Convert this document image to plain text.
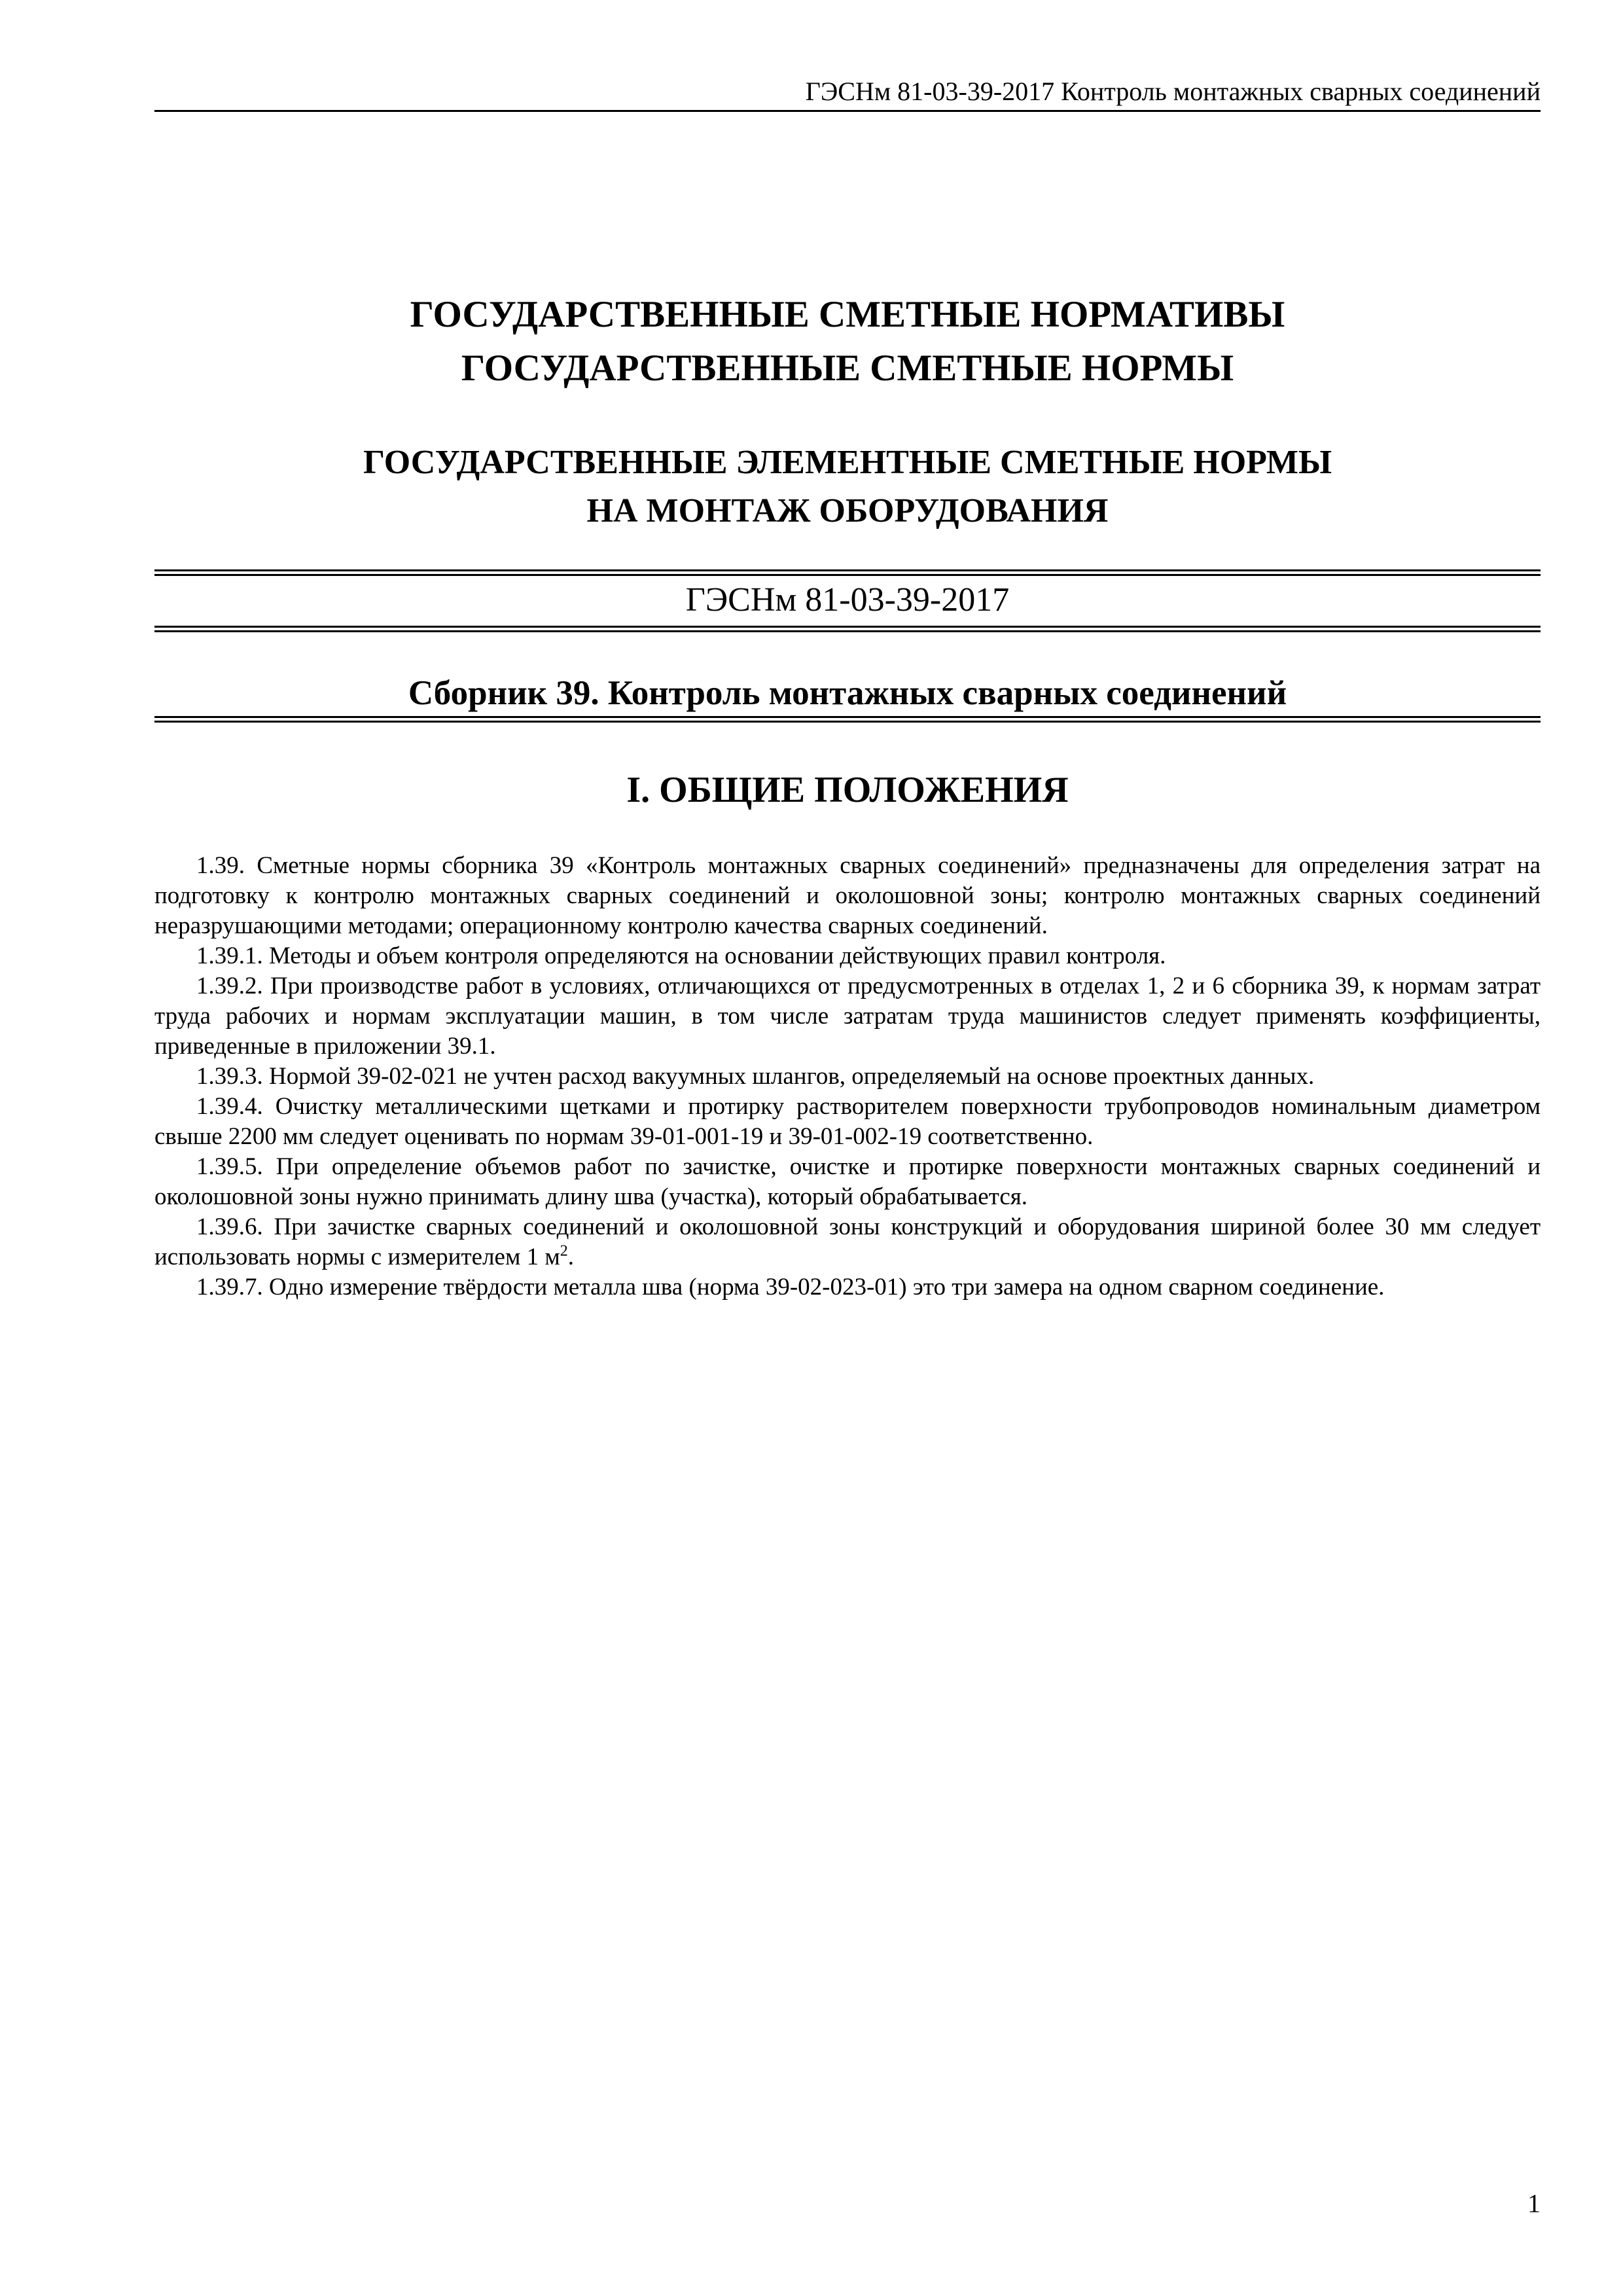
ГЭСНм 81-03-39-2017 Контроль монтажных сварных соединений
ГОСУДАРСТВЕННЫЕ СМЕТНЫЕ НОРМАТИВЫ
ГОСУДАРСТВЕННЫЕ СМЕТНЫЕ НОРМЫ
ГОСУДАРСТВЕННЫЕ ЭЛЕМЕНТНЫЕ СМЕТНЫЕ НОРМЫ
НА МОНТАЖ ОБОРУДОВАНИЯ
ГЭСНм 81-03-39-2017
Сборник 39. Контроль монтажных сварных соединений
I. ОБЩИЕ ПОЛОЖЕНИЯ

1.39. Сметные нормы сборника 39 «Контроль монтажных сварных соединений» предназначены для определения затрат на подготовку к контролю монтажных сварных соединений и околошовной зоны; контролю монтажных сварных соединений неразрушающими методами; операционному контролю качества сварных соединений.

1.39.1. Методы и объем контроля определяются на основании действующих правил контроля.

1.39.2. При производстве работ в условиях, отличающихся от предусмотренных в отделах 1, 2 и 6 сборника 39, к нормам затрат труда рабочих и нормам эксплуатации машин, в том числе затратам труда машинистов следует применять коэффициенты, приведенные в приложении 39.1.

1.39.3. Нормой 39-02-021 не учтен расход вакуумных шлангов, определяемый на основе проектных данных.

1.39.4. Очистку металлическими щетками и протирку растворителем поверхности трубопроводов номинальным диаметром свыше 2200 мм следует оценивать по нормам 39-01-001-19 и 39-01-002-19 соответственно.

1.39.5. При определение объемов работ по зачистке, очистке и протирке поверхности монтажных сварных соединений и околошовной зоны нужно принимать длину шва (участка), который обрабатывается.

1.39.6. При зачистке сварных соединений и околошовной зоны конструкций и оборудования шириной более 30 мм следует использовать нормы с измерителем 1 $м^2$.

1.39.7. Одно измерение твёрдости металла шва (норма 39-02-023-01) это три замера на одном сварном соединение.

1
